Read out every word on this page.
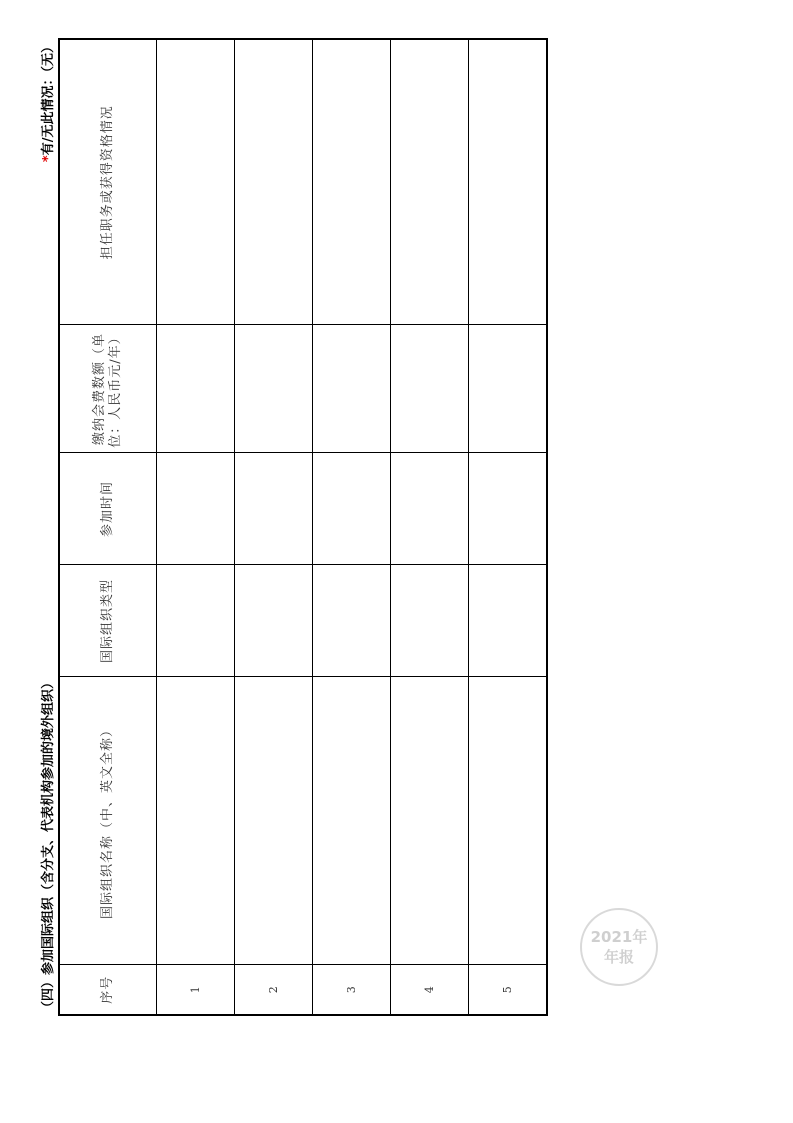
（四）参加国际组织（含分支、代表机构参加的境外组织）
*有/无此情况：（无）
序号	国际组织名称（中、英文全称）	国际组织类型	参加时间	缴纳会费数额（单位：人民币元/年）	担任职务或获得资格情况
1					
2					
3					
4					
5					
2021年
年报
